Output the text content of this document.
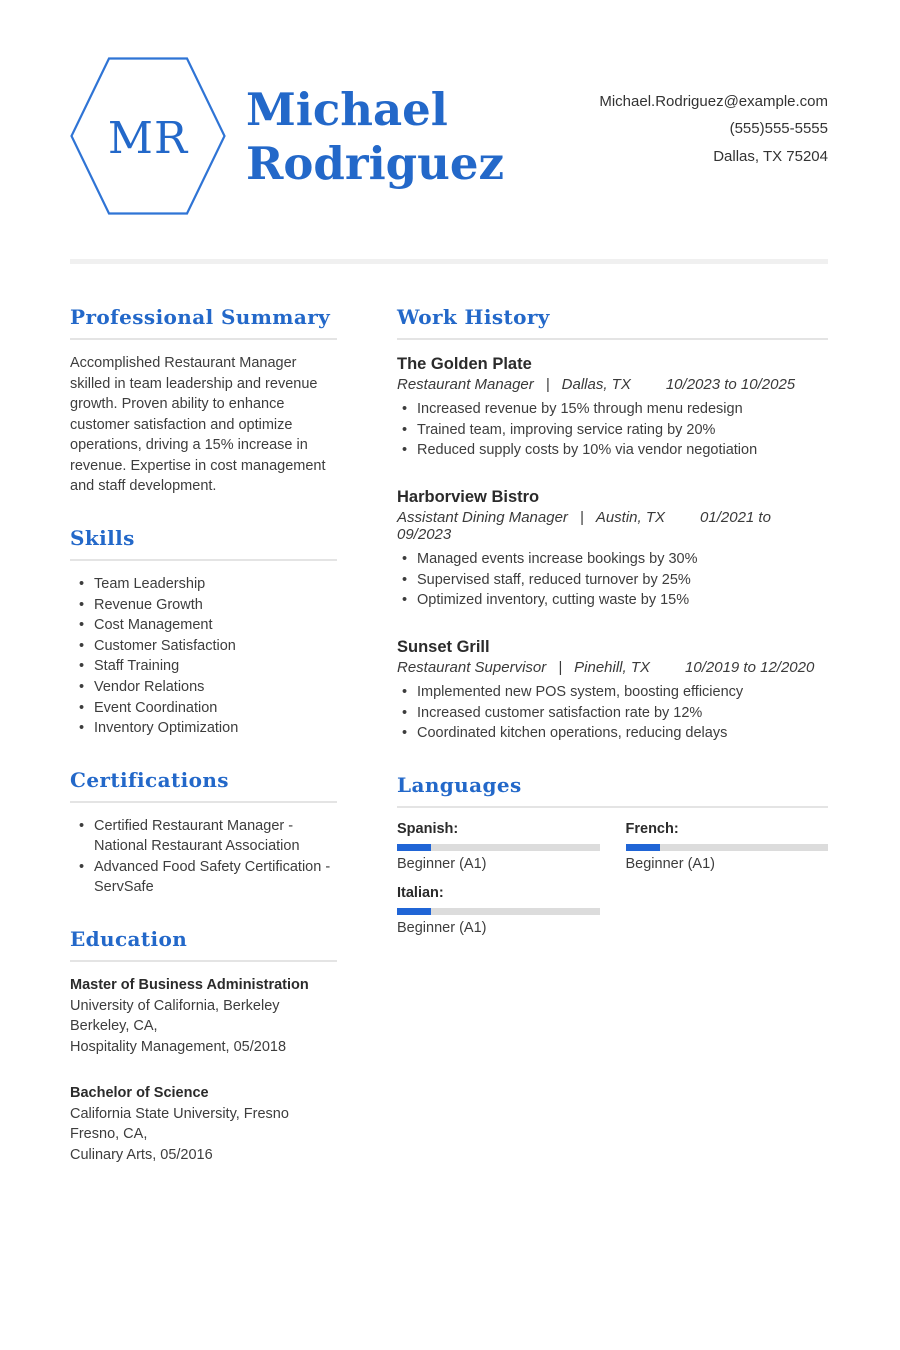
MR
Michael
Rodriguez
Michael.Rodriguez@example.com
(555)555-5555
Dallas, TX 75204
Professional Summary

Accomplished Restaurant Manager skilled in team leadership and revenue growth. Proven ability to enhance customer satisfaction and optimize operations, driving a 15% increase in revenue. Expertise in cost management and staff development.

Skills
• Team Leadership
• Revenue Growth
• Cost Management
• Customer Satisfaction
• Staff Training
• Vendor Relations
• Event Coordination
• Inventory Optimization
Certifications
• Certified Restaurant Manager - National Restaurant Association
• Advanced Food Safety Certification - ServSafe
Education
Master of Business Administration
University of California, Berkeley
Berkeley, CA,
Hospitality Management, 05/2018
Bachelor of Science
California State University, Fresno
Fresno, CA,
Culinary Arts, 05/2016
Work History
The Golden Plate
Restaurant Manager | Dallas, TX 10/2023 to 10/2025
• Increased revenue by 15% through menu redesign
• Trained team, improving service rating by 20%
• Reduced supply costs by 10% via vendor negotiation
Harborview Bistro
Assistant Dining Manager | Austin, TX 01/2021 to 09/2023
• Managed events increase bookings by 30%
• Supervised staff, reduced turnover by 25%
• Optimized inventory, cutting waste by 15%
Sunset Grill
Restaurant Supervisor | Pinehill, TX 10/2019 to 12/2020
• Implemented new POS system, boosting efficiency
• Increased customer satisfaction rate by 12%
• Coordinated kitchen operations, reducing delays
Languages
Spanish:
Beginner (A1)
French:
Beginner (A1)
Italian:
Beginner (A1)
